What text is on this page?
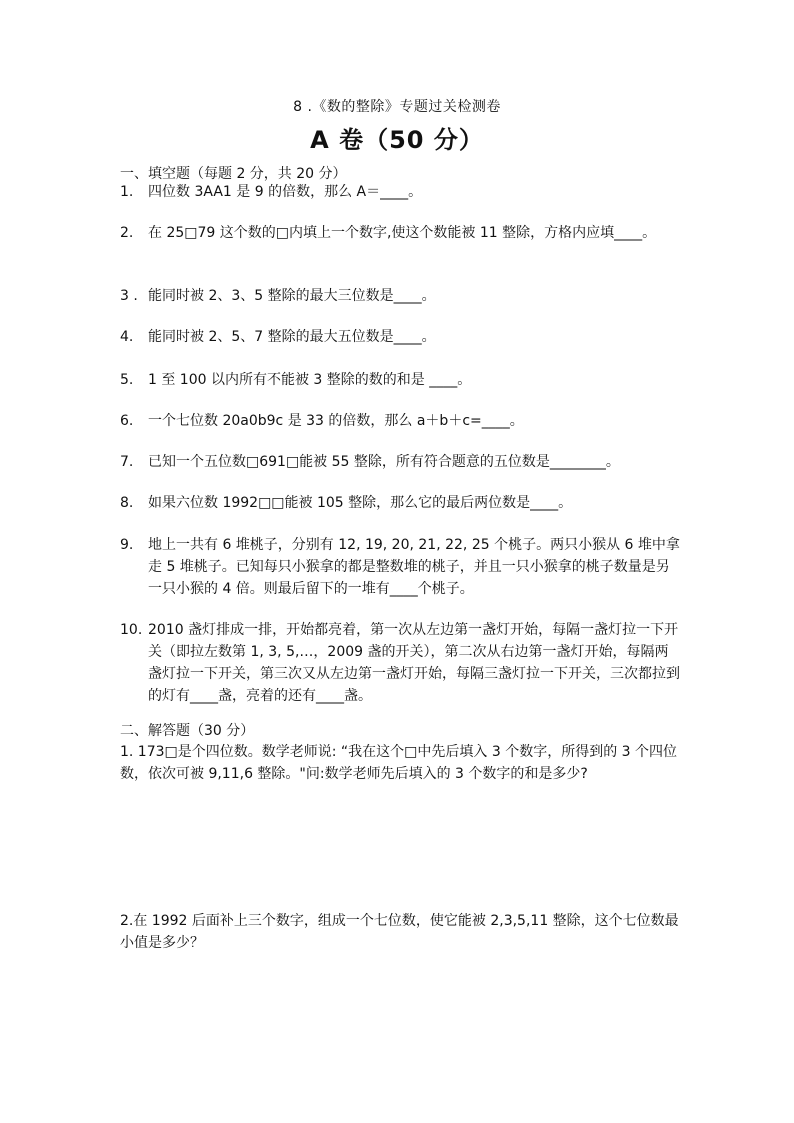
8 .《数的整除》专题过关检测卷
A 卷（50 分）
一、填空题（每题 2 分，共 20 分）
1. 四位数 3AA1 是 9 的倍数，那么 A＝____。
2. 在 25□79 这个数的□内填上一个数字,使这个数能被 11 整除，方格内应填____。
3 . 能同时被 2、3、5 整除的最大三位数是____。
4. 能同时被 2、5、7 整除的最大五位数是____。
5. 1 至 100 以内所有不能被 3 整除的数的和是 ____。
6. 一个七位数 20a0b9c 是 33 的倍数，那么 a＋b＋c=____。
7. 已知一个五位数□691□能被 55 整除，所有符合题意的五位数是________。
8. 如果六位数 1992□□能被 105 整除，那么它的最后两位数是____。
9. 地上一共有 6 堆桃子，分别有 12, 19, 20, 21, 22, 25 个桃子。两只小猴从 6 堆中拿走 5 堆桃子。已知每只小猴拿的都是整数堆的桃子，并且一只小猴拿的桃子数量是另一只小猴的 4 倍。则最后留下的一堆有____个桃子。
10. 2010 盏灯排成一排，开始都亮着，第一次从左边第一盏灯开始，每隔一盏灯拉一下开关（即拉左数第 1, 3, 5,…，2009 盏的开关），第二次从右边第一盏灯开始，每隔两盏灯拉一下开关，第三次又从左边第一盏灯开始，每隔三盏灯拉一下开关，三次都拉到的灯有____盏，亮着的还有____盏。
二、解答题（30 分）
1. 173□是个四位数。数学老师说: “我在这个□中先后填入 3 个数字，所得到的 3 个四位数，依次可被 9,11,6 整除。"问:数学老师先后填入的 3 个数字的和是多少?
2.在 1992 后面补上三个数字，组成一个七位数，使它能被 2,3,5,11 整除，这个七位数最小值是多少？
